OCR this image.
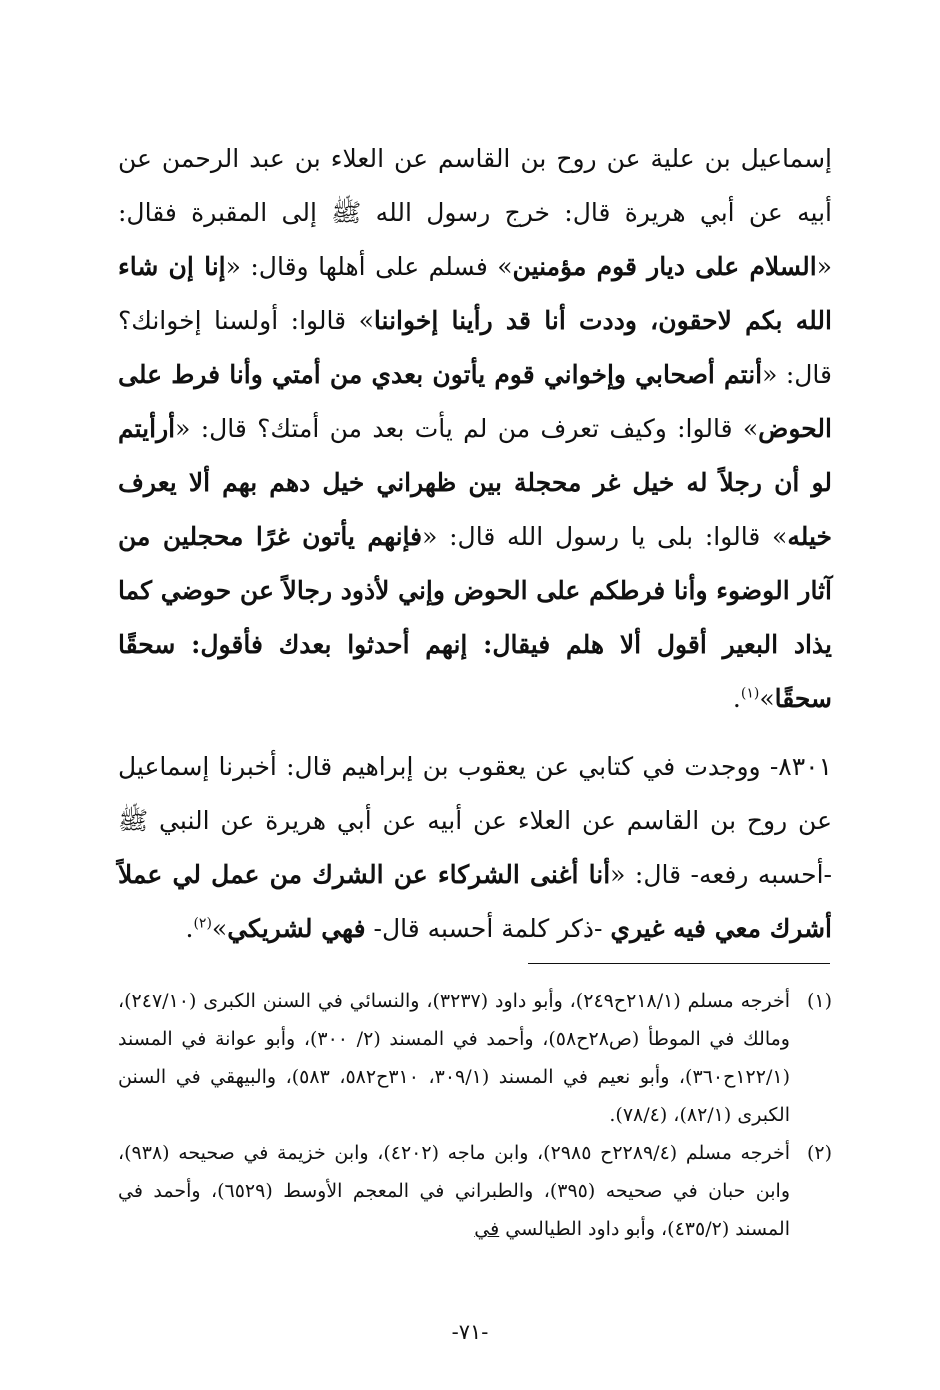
إسماعيل بن علية عن روح بن القاسم عن العلاء بن عبد الرحمن عن أبيه عن أبي هريرة قال: خرج رسول الله ﷺ إلى المقبرة فقال: «السلام على ديار قوم مؤمنين» فسلم على أهلها وقال: «إنا إن شاء الله بكم لاحقون، وددت أنا قد رأينا إخواننا» قالوا: أولسنا إخوانك؟ قال: «أنتم أصحابي وإخواني قوم يأتون بعدي من أمتي وأنا فرط على الحوض» قالوا: وكيف تعرف من لم يأت بعد من أمتك؟ قال: «أرأيتم لو أن رجلاً له خيل غر محجلة بين ظهراني خيل دهم بهم ألا يعرف خيله» قالوا: بلى يا رسول الله قال: «فإنهم يأتون غرًا محجلين من آثار الوضوء وأنا فرطكم على الحوض وإني لأذود رجالاً عن حوضي كما يذاد البعير أقول ألا هلم فيقال: إنهم أحدثوا بعدك فأقول: سحقًا سحقًا»$^{(١)}$.

٨٣٠١- ووجدت في كتابي عن يعقوب بن إبراهيم قال: أخبرنا إسماعيل عن روح بن القاسم عن العلاء عن أبيه عن أبي هريرة عن النبي ﷺ -أحسبه رفعه- قال: «أنا أغنى الشركاء عن الشرك من عمل لي عملاً أشرك معي فيه غيري -ذكر كلمة أحسبه قال- فهي لشريكي»$^{(٢)}$.

(١)
أخرجه مسلم (٢١٨/١ح٢٤٩)، وأبو داود (٣٢٣٧)، والنسائي في السنن الكبرى (٢٤٧/١٠)، ومالك في الموطأ (ص٢٨ح٥٨)، وأحمد في المسند (٢/ ٣٠٠)، وأبو عوانة في المسند (١٢٢/١ح٣٦٠)، وأبو نعيم في المسند (٣٠٩/١، ٣١٠ح٥٨٢، ٥٨٣)، والبيهقي في السنن الكبرى (٨٢/١)، (٧٨/٤).
(٢)
أخرجه مسلم (٢٢٨٩/٤ح ٢٩٨٥)، وابن ماجه (٤٢٠٢)، وابن خزيمة في صحيحه (٩٣٨)، وابن حبان في صحيحه (٣٩٥)، والطبراني في المعجم الأوسط (٦٥٢٩)، وأحمد في المسند (٤٣٥/٢)، وأبو داود الطيالسي في
-٧١-
